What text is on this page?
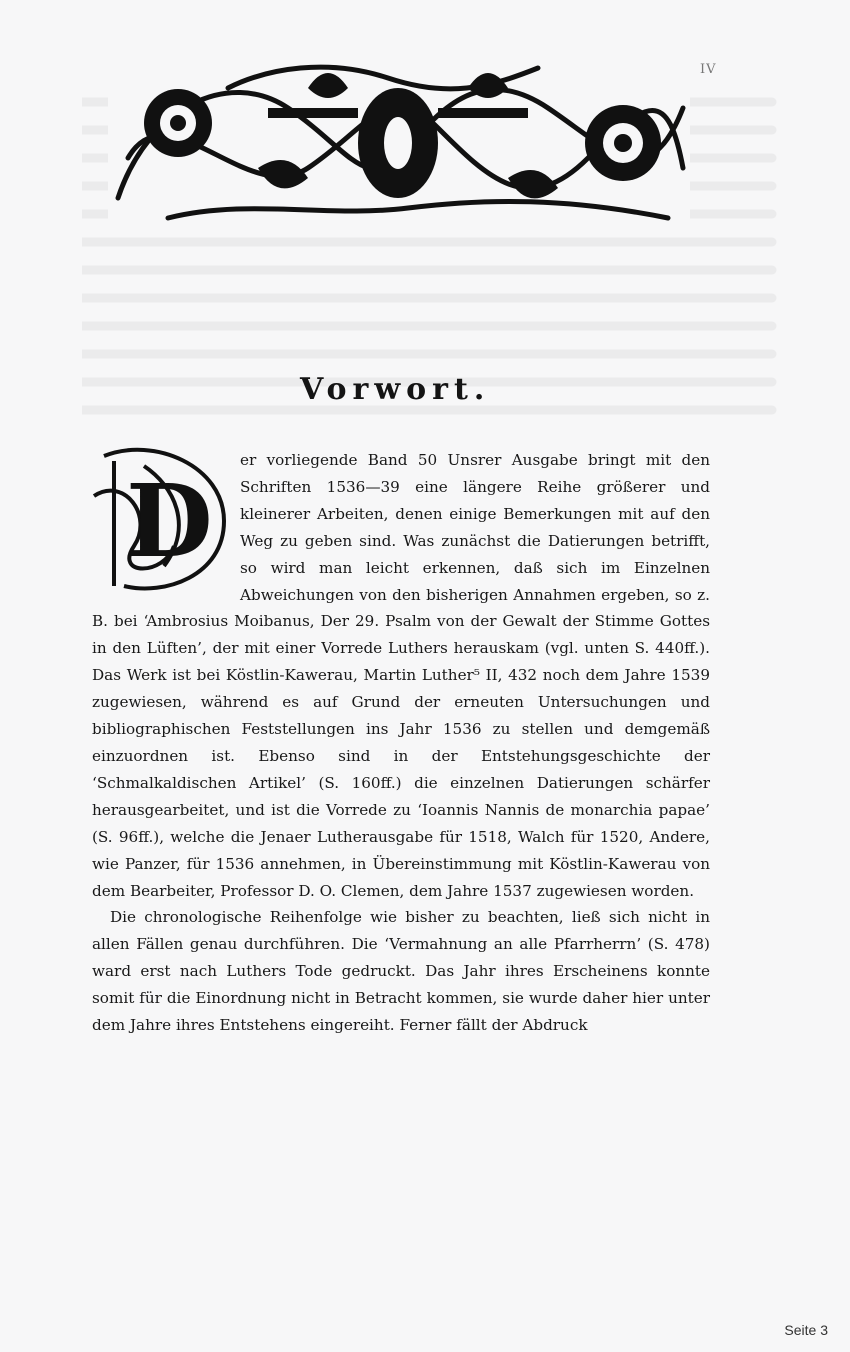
IV
Vorwort.
D

er vorliegende Band 50 Unsrer Ausgabe bringt mit den Schriften 1536—39 eine längere Reihe größerer und kleinerer Arbeiten, denen einige Bemerkungen mit auf den Weg zu geben sind. Was zunächst die Datierungen betrifft, so wird man leicht erkennen, daß sich im Einzelnen Abweichungen von den bisherigen Annahmen ergeben, so z. B. bei ‘Ambrosius Moibanus, Der 29. Psalm von der Gewalt der Stimme Gottes in den Lüften’, der mit einer Vorrede Luthers herauskam (vgl. unten S. 440ff.). Das Werk ist bei Köstlin-Kawerau, Martin Luther⁵ II, 432 noch dem Jahre 1539 zugewiesen, während es auf Grund der erneuten Untersuchungen und bibliographischen Feststellungen ins Jahr 1536 zu stellen und demgemäß einzuordnen ist. Ebenso sind in der Entstehungsgeschichte der ‘Schmalkaldischen Artikel’ (S. 160ff.) die einzelnen Datierungen schärfer herausgearbeitet, und ist die Vorrede zu ‘Ioannis Nannis de monarchia papae’ (S. 96ff.), welche die Jenaer Lutherausgabe für 1518, Walch für 1520, Andere, wie Panzer, für 1536 annehmen, in Übereinstimmung mit Köstlin-Kawerau von dem Bearbeiter, Professor D. O. Clemen, dem Jahre 1537 zugewiesen worden.

Die chronologische Reihenfolge wie bisher zu beachten, ließ sich nicht in allen Fällen genau durchführen. Die ‘Vermahnung an alle Pfarrherrn’ (S. 478) ward erst nach Luthers Tode gedruckt. Das Jahr ihres Erscheinens konnte somit für die Einordnung nicht in Betracht kommen, sie wurde daher hier unter dem Jahre ihres Entstehens eingereiht. Ferner fällt der Abdruck

Seite 3
